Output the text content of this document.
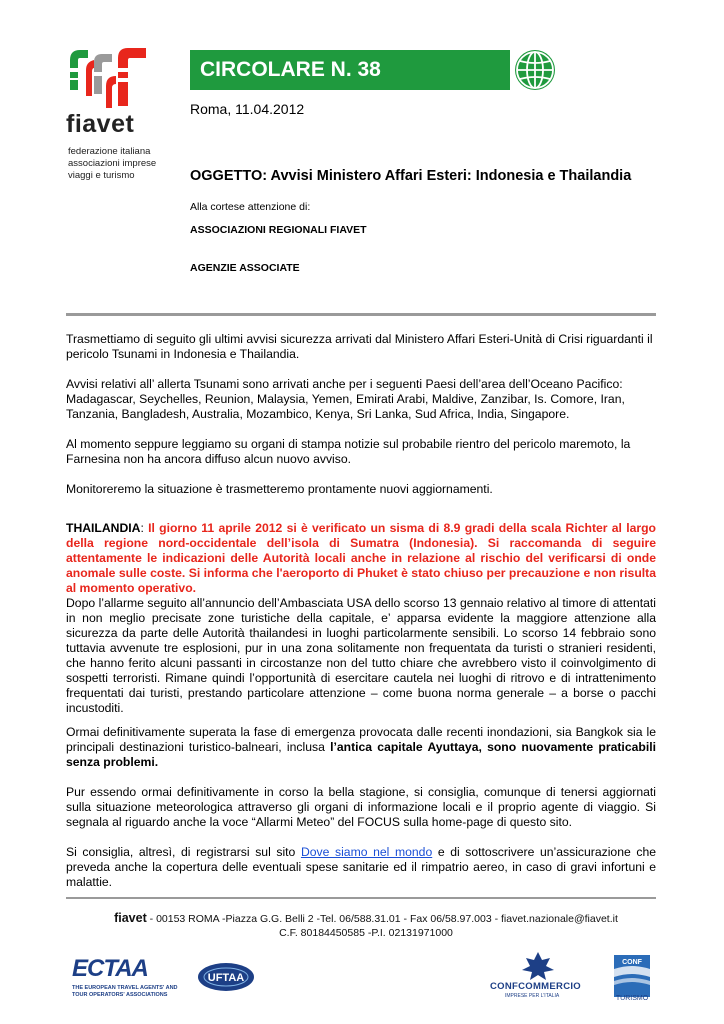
fiavet
federazione italiana
associazioni imprese
viaggi e turismo
CIRCOLARE N. 38
Roma, 11.04.2012
OGGETTO: Avvisi Ministero Affari Esteri: Indonesia e Thailandia
Alla cortese attenzione di:
ASSOCIAZIONI REGIONALI FIAVET
AGENZIE ASSOCIATE

Trasmettiamo di seguito gli ultimi avvisi sicurezza arrivati dal Ministero Affari Esteri-Unità di Crisi riguardanti il pericolo Tsunami in Indonesia e Thailandia.

Avvisi relativi all’ allerta Tsunami sono arrivati anche per i seguenti Paesi dell’area dell’Oceano Pacifico: Madagascar, Seychelles, Reunion, Malaysia, Yemen, Emirati Arabi, Maldive, Zanzibar, Is. Comore, Iran, Tanzania, Bangladesh, Australia, Mozambico, Kenya, Sri Lanka, Sud Africa, India, Singapore.

Al momento seppure leggiamo su organi di stampa notizie sul probabile rientro del pericolo maremoto, la Farnesina non ha ancora diffuso alcun nuovo avviso.

Monitoreremo la situazione è trasmetteremo prontamente nuovi aggiornamenti.

THAILANDIA: Il giorno 11 aprile 2012 si è verificato un sisma di 8.9 gradi della scala Richter al largo della regione nord-occidentale dell’isola di Sumatra (Indonesia). Si raccomanda di seguire attentamente le indicazioni delle Autorità locali anche in relazione al rischio del verificarsi di onde anomale sulle coste. Si informa che l'aeroporto di Phuket è stato chiuso per precauzione e non risulta al momento operativo.

Dopo l’allarme seguito all’annuncio dell’Ambasciata USA dello scorso 13 gennaio relativo al timore di attentati in non meglio precisate zone turistiche della capitale, e’ apparsa evidente la maggiore attenzione alla sicurezza da parte delle Autorità thailandesi in luoghi particolarmente sensibili. Lo scorso 14 febbraio sono tuttavia avvenute tre esplosioni, pur in una zona solitamente non frequentata da turisti o stranieri residenti, che hanno ferito alcuni passanti in circostanze non del tutto chiare che avrebbero visto il coinvolgimento di sospetti terroristi. Rimane quindi l’opportunità di esercitare cautela nei luoghi di ritrovo e di intrattenimento frequentati dai turisti, prestando particolare attenzione – come buona norma generale – a borse o pacchi incustoditi.

Ormai definitivamente superata la fase di emergenza provocata dalle recenti inondazioni, sia Bangkok sia le principali destinazioni turistico-balneari, inclusa l’antica capitale Ayuttaya, sono nuovamente praticabili senza problemi.

Pur essendo ormai definitivamente in corso la bella stagione, si consiglia, comunque di tenersi aggiornati sulla situazione meteorologica attraverso gli organi di informazione locali e il proprio agente di viaggio. Si segnala al riguardo anche la voce “Allarmi Meteo” del FOCUS sulla home-page di questo sito.

Si consiglia, altresì, di registrarsi sul sito Dove siamo nel mondo e di sottoscrivere un’assicurazione che preveda anche la copertura delle eventuali spese sanitarie ed il rimpatrio aereo, in caso di gravi infortuni e malattie.

fiavet - 00153 ROMA -Piazza G.G. Belli 2 -Tel. 06/588.31.01 - Fax 06/58.97.003 - fiavet.nazionale@fiavet.it
C.F. 80184450585 -P.I. 02131971000
ECTAA
THE EUROPEAN TRAVEL AGENTS' AND TOUR OPERATORS' ASSOCIATIONS
UFTAA
CONFCOMMERCIO
IMPRESE PER L'ITALIA
CONF
TURISMO
